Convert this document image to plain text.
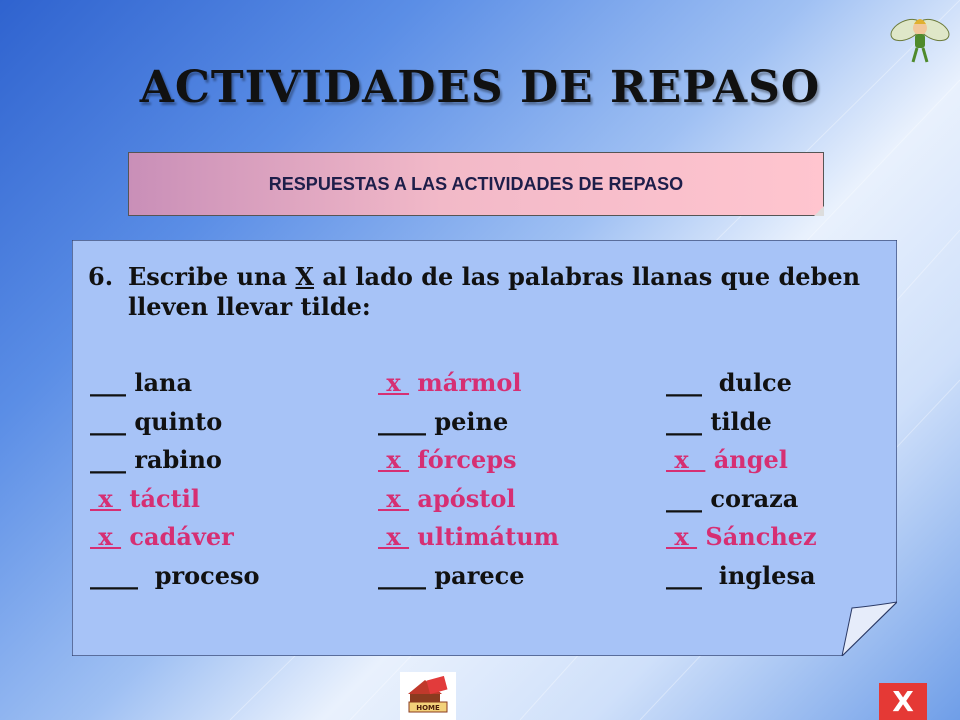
ACTIVIDADES DE REPASO
RESPUESTAS A LAS ACTIVIDADES DE REPASO
6. Escribe una X al lado de las palabras llanas que deben
lleven llevar tilde:
___ lana	x  mármol	___  dulce
___ quinto	____ peine	___ tilde
___ rabino	x  fórceps	x   ángel
x  táctil	x  apóstol	___ coraza
x  cadáver	x  ultimátum	x  Sánchez
____  proceso	____ parece	___  inglesa
HOME	X
